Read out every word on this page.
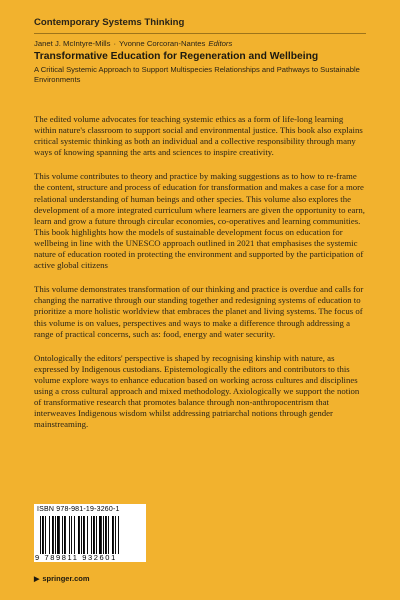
Contemporary Systems Thinking
Janet J. McIntyre-Mills · Yvonne Corcoran-Nantes Editors
Transformative Education for Regeneration and Wellbeing
A Critical Systemic Approach to Support Multispecies Relationships and Pathways to Sustainable Environments

The edited volume advocates for teaching systemic ethics as a form of life-long learning within nature's classroom to support social and environmental justice. This book also explains critical systemic thinking as both an individual and a collective responsibility through many ways of knowing spanning the arts and sciences to inspire creativity.

This volume contributes to theory and practice by making suggestions as to how to re-frame the content, structure and process of education for transformation and makes a case for a more relational understanding of human beings and other species. This volume also explores the development of a more integrated curriculum where learners are given the opportunity to earn, learn and grow a future through circular economies, co-operatives and learning communities. This book highlights how the models of sustainable development focus on education for wellbeing in line with the UNESCO approach outlined in 2021 that emphasises the systemic nature of education rooted in protecting the environment and supported by the participation of active global citizens

This volume demonstrates transformation of our thinking and practice is overdue and calls for changing the narrative through our standing together and redesigning systems of education to prioritize a more holistic worldview that embraces the planet and living systems. The focus of this volume is on values, perspectives and ways to make a difference through addressing a range of practical concerns, such as: food, energy and water security.

Ontologically the editors' perspective is shaped by recognising kinship with nature, as expressed by Indigenous custodians. Epistemologically the editors and contributors to this volume explore ways to enhance education based on working across cultures and disciplines using a cross cultural approach and mixed methodology. Axiologically we support the notion of transformative research that promotes balance through non-anthropocentrism that interweaves Indigenous wisdom whilst addressing patriarchal notions through gender mainstreaming.

ISBN 978-981-19-3260-1
9 789811 932601
▶ springer.com
